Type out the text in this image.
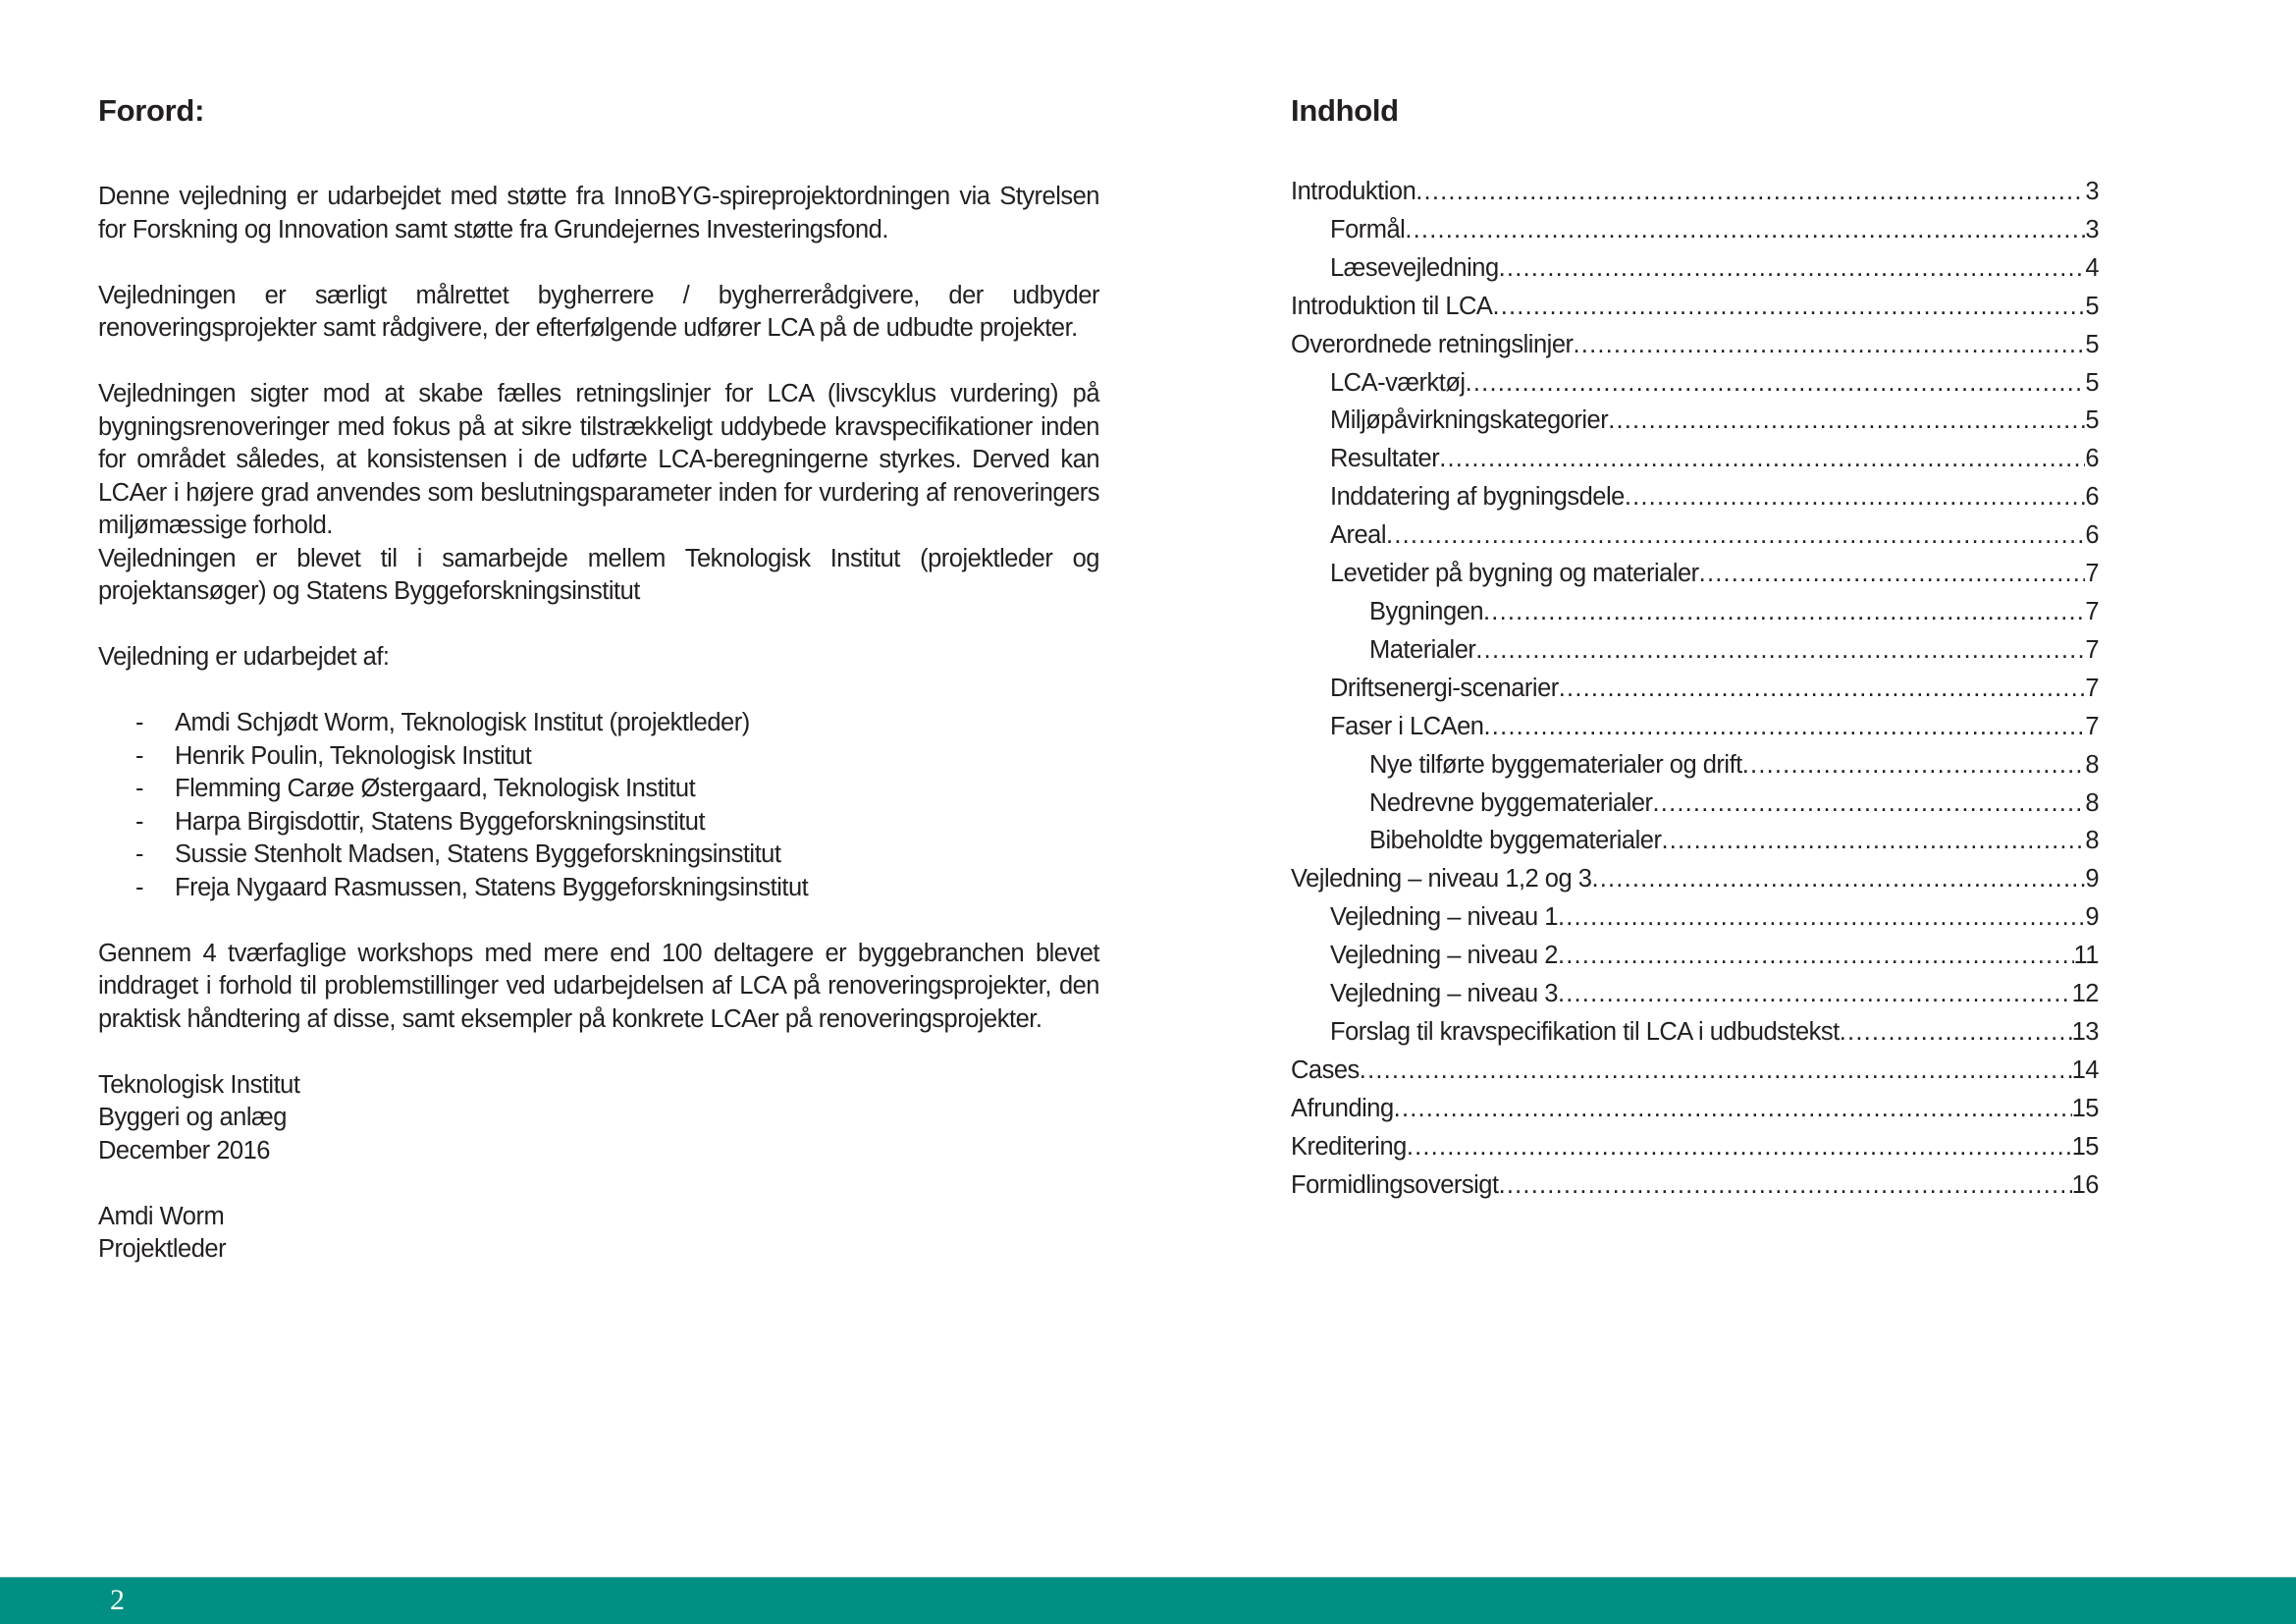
Forord:

Denne vejledning er udarbejdet med støtte fra InnoBYG-spireprojektordningen via Styrelsen for Forskning og Innovation samt støtte fra Grundejernes Investeringsfond.

Vejledningen er særligt målrettet bygherrere / bygherrerådgivere, der udbyder renoveringsprojekter samt rådgivere, der efterfølgende udfører LCA på de udbudte projekter.

Vejledningen sigter mod at skabe fælles retningslinjer for LCA (livscyklus vurdering) på bygningsrenoveringer med fokus på at sikre tilstrækkeligt uddybede kravspecifikationer inden for området således, at konsistensen i de udførte LCA-beregningerne styrkes. Derved kan LCAer i højere grad anvendes som beslutningsparameter inden for vurdering af renoveringers miljømæssige forhold.

Vejledningen er blevet til i samarbejde mellem Teknologisk Institut (projektleder og projektansøger) og Statens Byggeforskningsinstitut

Vejledning er udarbejdet af:

-	Amdi Schjødt Worm, Teknologisk Institut (projektleder)
-	Henrik Poulin, Teknologisk Institut
-	Flemming Carøe Østergaard, Teknologisk Institut
-	Harpa Birgisdottir, Statens Byggeforskningsinstitut
-	Sussie Stenholt Madsen, Statens Byggeforskningsinstitut
-	Freja Nygaard Rasmussen, Statens Byggeforskningsinstitut

Gennem 4 tværfaglige workshops med mere end 100 deltagere er byggebranchen blevet inddraget i forhold til problemstillinger ved udarbejdelsen af LCA på renoveringsprojekter, den praktisk håndtering af disse, samt eksempler på konkrete LCAer på renoveringsprojekter.

Teknologisk Institut
Byggeri og anlæg
December 2016
Amdi Worm
Projektleder
Indhold
Introduktion .....	3
Formål .....	3
Læsevejledning .....	4
Introduktion til LCA .....	5
Overordnede retningslinjer .....	5
LCA-værktøj .....	5
Miljøpåvirkningskategorier .....	5
Resultater .....	6
Inddatering af bygningsdele .....	6
Areal .....	6
Levetider på bygning og materialer .....	7
Bygningen .....	7
Materialer .....	7
Driftsenergi-scenarier .....	7
Faser i LCAen .....	7
Nye tilførte byggematerialer og drift .....	8
Nedrevne byggematerialer .....	8
Bibeholdte byggematerialer .....	8
Vejledning – niveau 1,2 og 3 .....	9
Vejledning – niveau 1 .....	9
Vejledning – niveau 2 .....	11
Vejledning – niveau 3 .....	12
Forslag til kravspecifikation til LCA i udbudstekst .....	13
Cases .....	14
Afrunding .....	15
Kreditering .....	15
Formidlingsoversigt .....	16
2
